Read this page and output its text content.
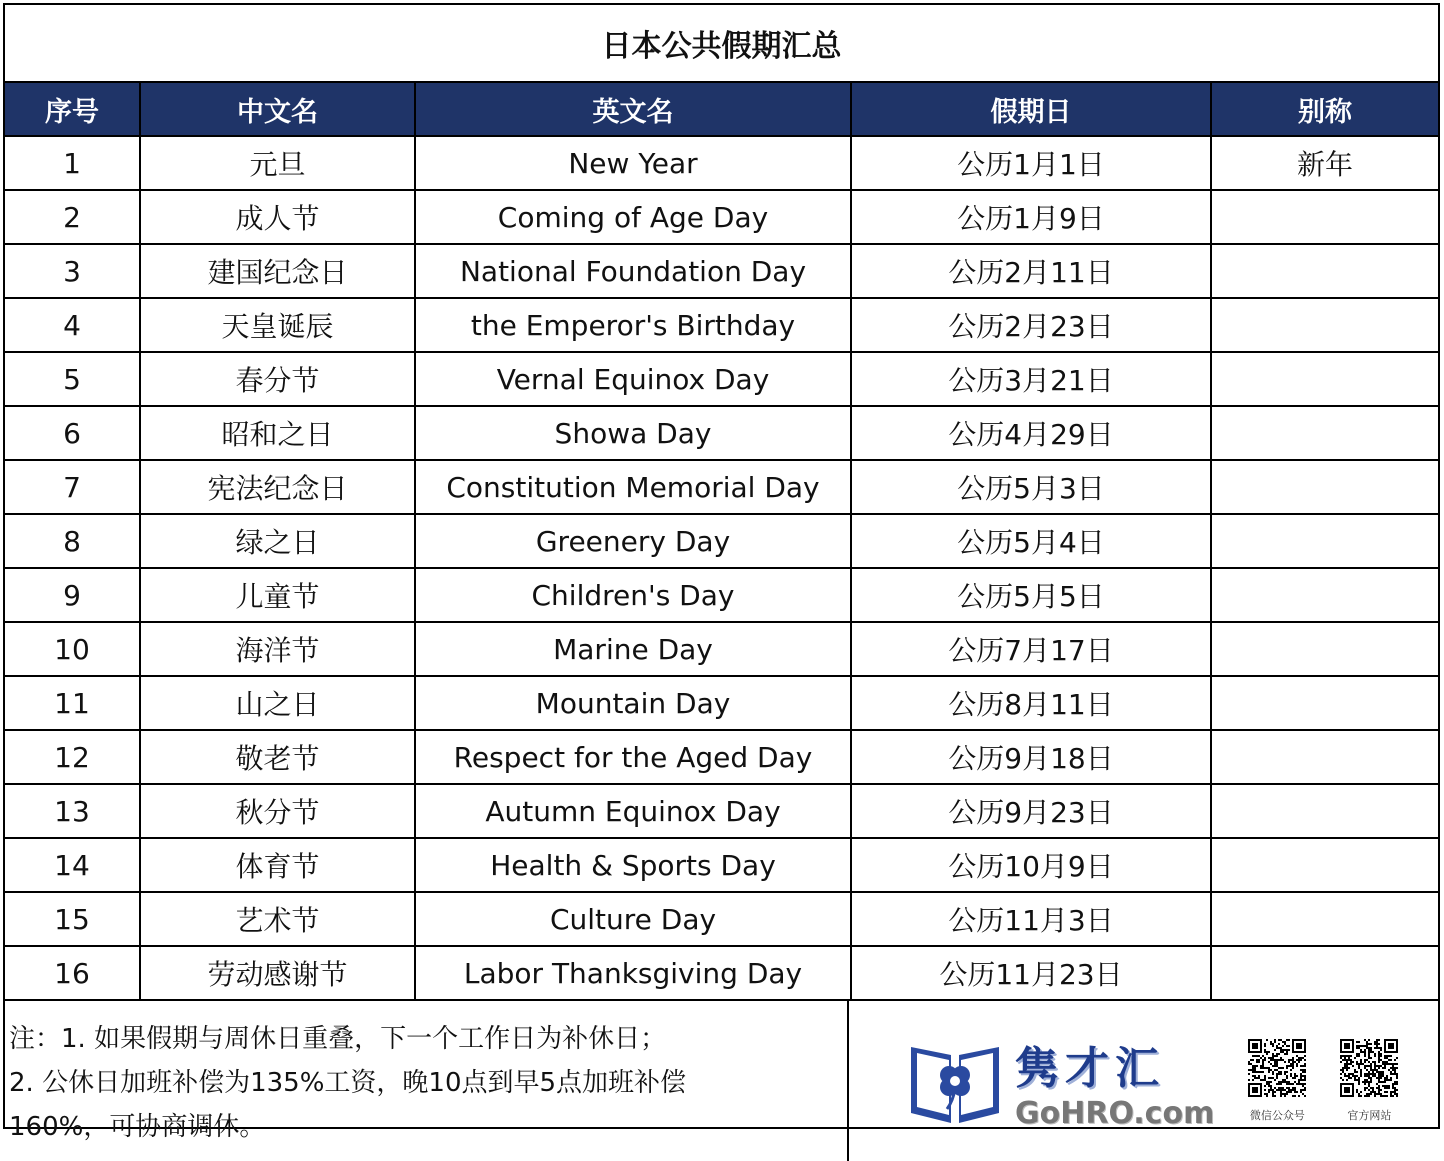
日本公共假期汇总
序号	中文名	英文名	假期日	别称
1	元旦	New Year	公历1月1日	新年
2	成人节	Coming of Age Day	公历1月9日	
3	建国纪念日	National Foundation Day	公历2月11日	
4	天皇诞辰	the Emperor's Birthday	公历2月23日	
5	春分节	Vernal Equinox Day	公历3月21日	
6	昭和之日	Showa Day	公历4月29日	
7	宪法纪念日	Constitution Memorial Day	公历5月3日	
8	绿之日	Greenery Day	公历5月4日	
9	儿童节	Children's Day	公历5月5日	
10	海洋节	Marine Day	公历7月17日	
11	山之日	Mountain Day	公历8月11日	
12	敬老节	Respect for the Aged Day	公历9月18日	
13	秋分节	Autumn Equinox Day	公历9月23日	
14	体育节	Health & Sports Day	公历10月9日	
15	艺术节	Culture Day	公历11月3日	
16	劳动感谢节	Labor Thanksgiving Day	公历11月23日	
注：1. 如果假期与周休日重叠，下一个工作日为补休日；
2. 公休日加班补偿为135%工资，晚10点到早5点加班补偿
160%，可协商调休。
隽才汇
GoHRO.com	微信公众号	官方网站
